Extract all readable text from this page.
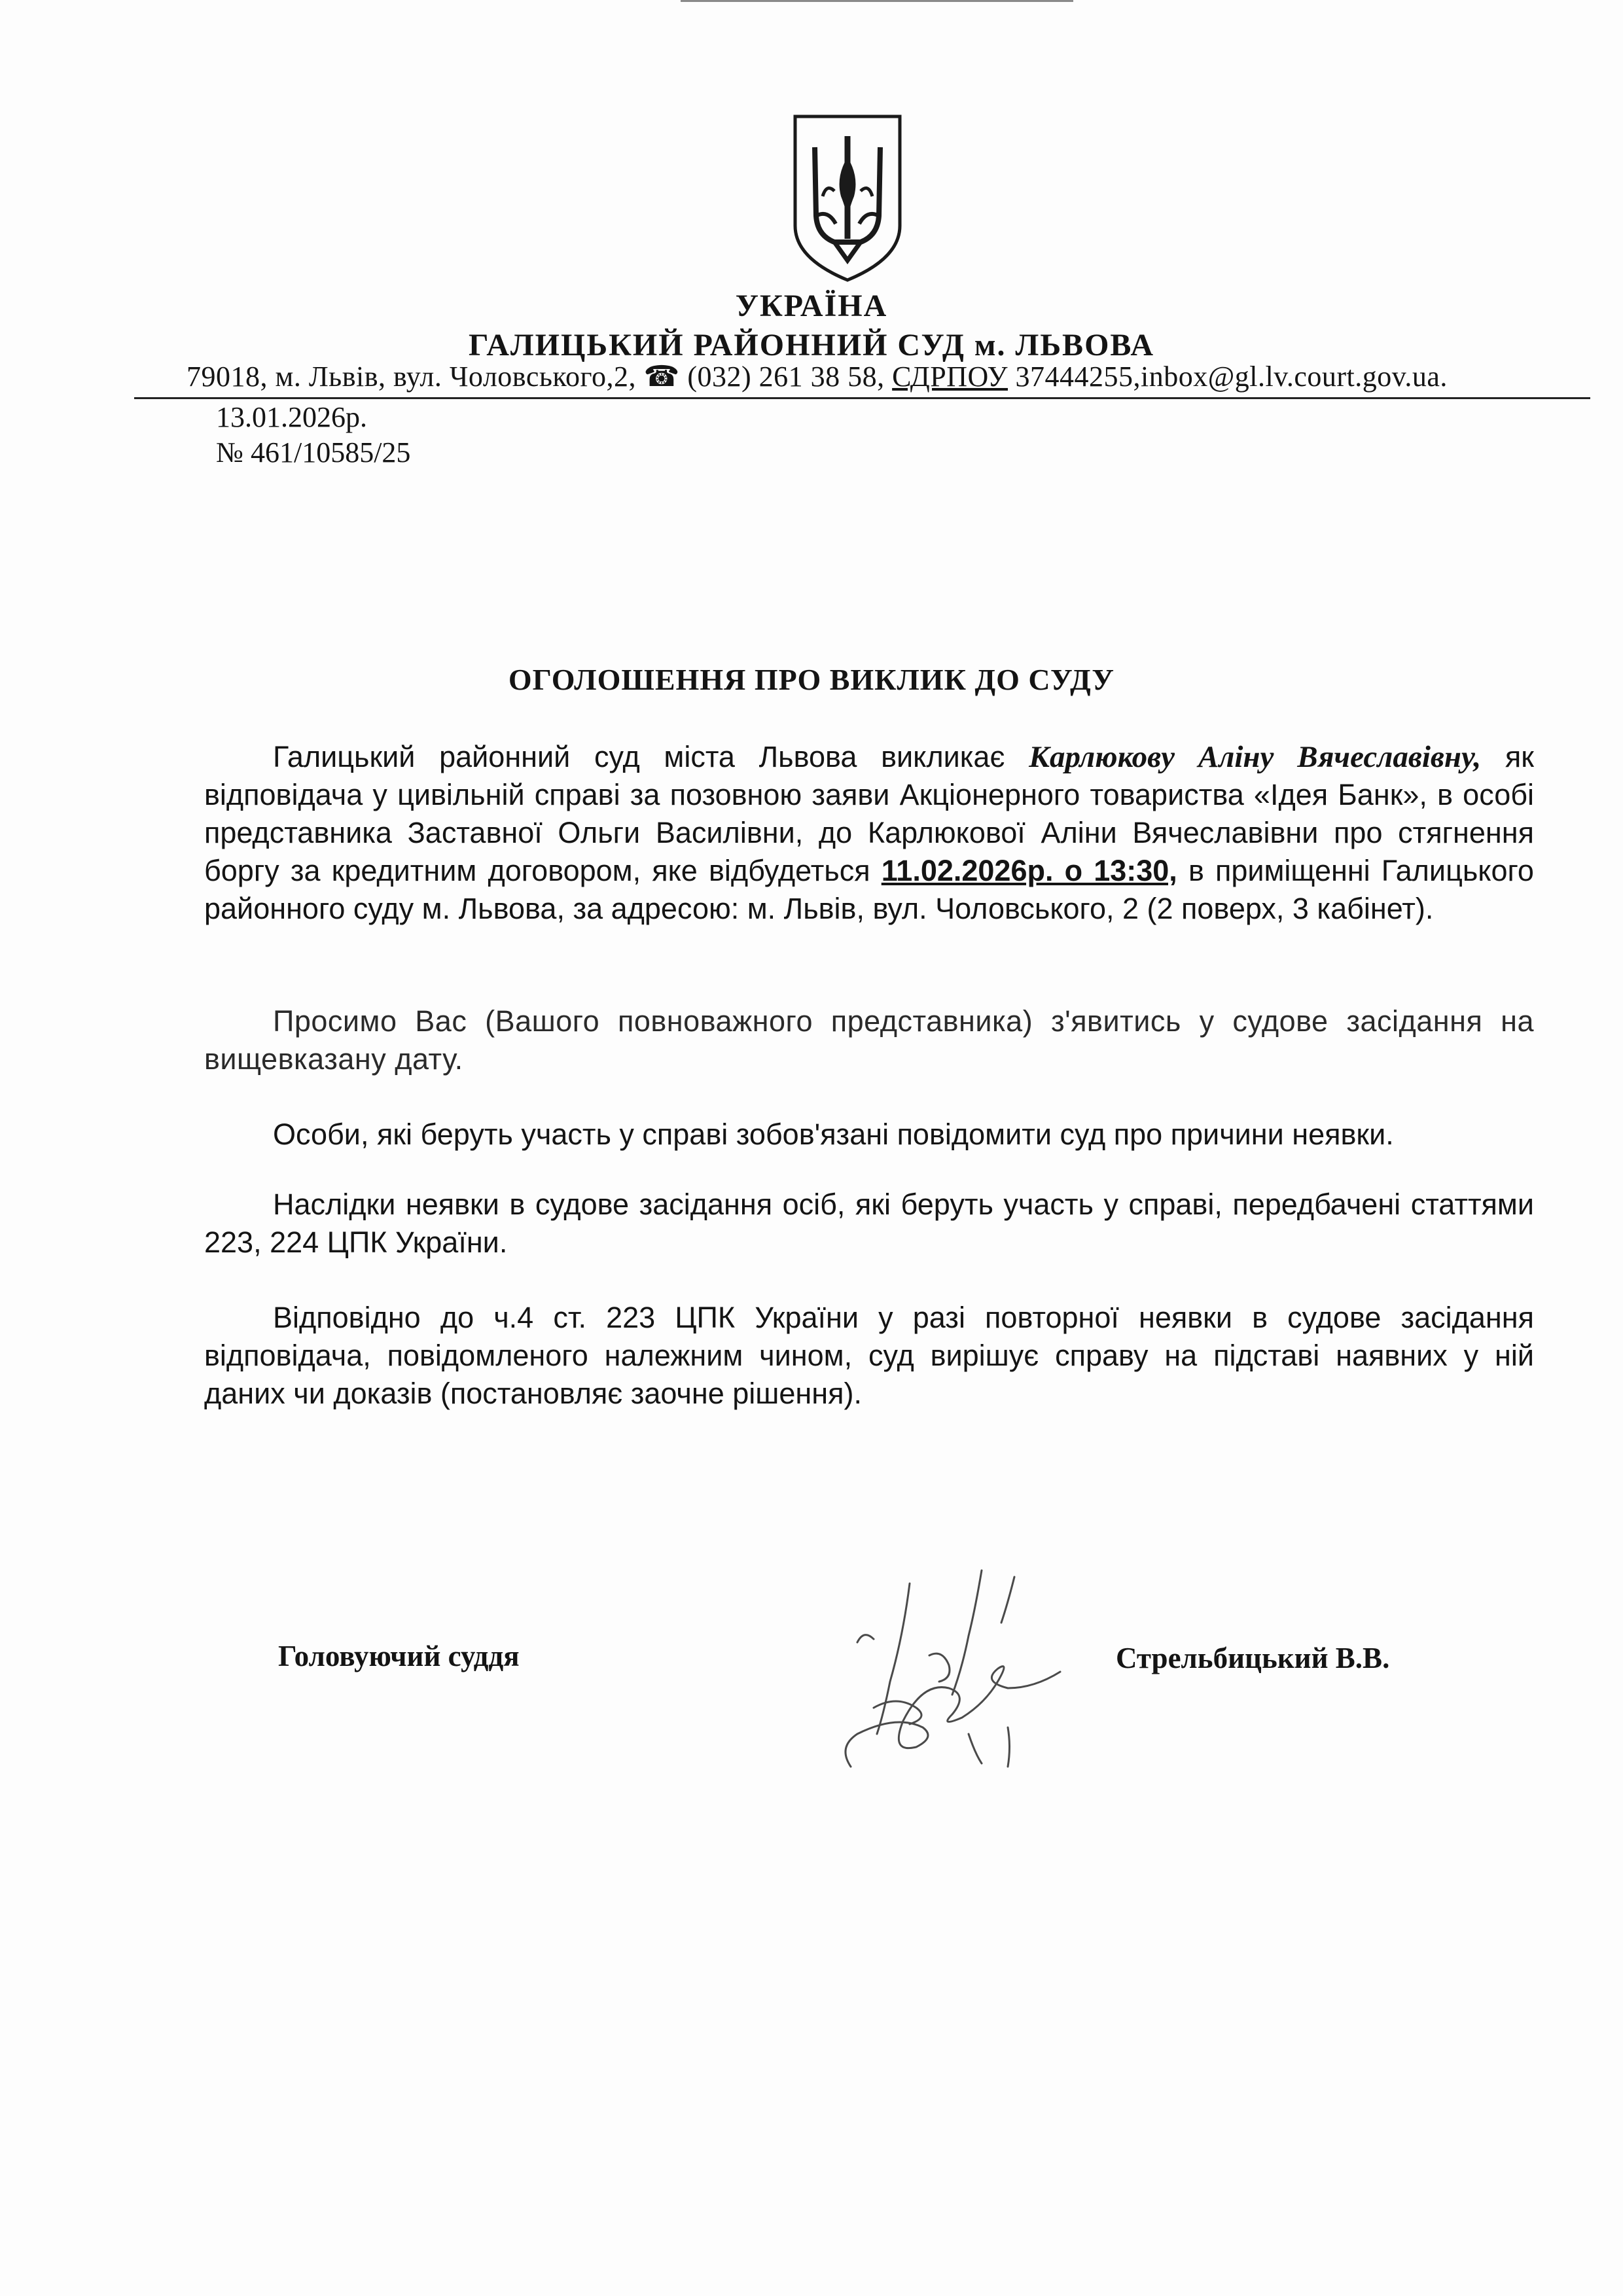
УКРАЇНА
ГАЛИЦЬКИЙ РАЙОННИЙ СУД м. ЛЬВОВА
79018, м. Львів, вул. Чоловського,2, ☎ (032) 261 38 58, СДРПОУ 37444255,inbox@gl.lv.court.gov.ua.
13.01.2026р.
№ 461/10585/25
ОГОЛОШЕННЯ ПРО ВИКЛИК ДО СУДУ

Галицький районний суд міста Львова викликає Карлюкову Аліну Вячеславівну, як відповідача у цивільній справі за позовною заяви Акціонерного товариства «Ідея Банк», в особі представника Заставної Ольги Василівни, до Карлюкової Аліни Вячеславівни про стягнення боргу за кредитним договором, яке відбудеться 11.02.2026р. о 13:30, в приміщенні Галицького районного суду м. Львова, за адресою: м. Львів, вул. Чоловського, 2 (2 поверх, 3 кабінет).

Просимо Вас (Вашого повноважного представника) з'явитись у судове засідання на вищевказану дату.

Особи, які беруть участь у справі зобов'язані повідомити суд про причини неявки.

Наслідки неявки в судове засідання осіб, які беруть участь у справі, передбачені статтями 223, 224 ЦПК України.

Відповідно до ч.4 ст. 223 ЦПК України у разі повторної неявки в судове засідання відповідача, повідомленого належним чином, суд вирішує справу на підставі наявних у ній даних чи доказів (постановляє заочне рішення).

Головуючий суддя	Стрельбицький В.В.
